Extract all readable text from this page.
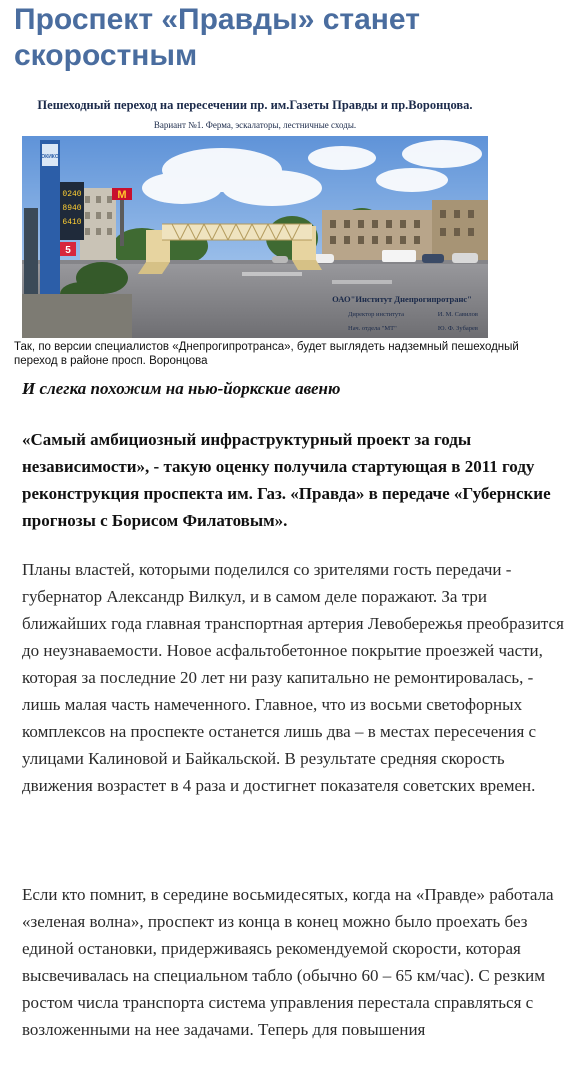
Проспект «Правды» станет скоростным
Пешеходный переход на пересечении пр. им.Газеты Правды и пр.Воронцова.
Вариант №1. Ферма, эскалаторы, лестничные сходы.
M
ОКИКО
0240
8940
6410
5
ОАО"Институт Днепрогипротранс"
Директор института	И. М. Савилов
Нач. отдела "МТ"	Ю. Ф. Зубарев

Так, по версии специалистов «Днепрогипротранса», будет выглядеть надземный пешеходный переход в районе просп. Воронцова

И слегка похожим на нью-йоркские авеню

«Самый амбициозный инфраструктурный проект за годы независимости», - такую оценку получила стартующая в 2011 году реконструкция проспекта им. Газ. «Правда» в передаче «Губернские прогнозы с Борисом Филатовым».

Планы властей, которыми поделился со зрителями гость передачи - губернатор Александр Вилкул, и в самом деле поражают. За три ближайших года главная транспортная артерия Левобережья преобразится до неузнаваемости. Новое асфальтобетонное покрытие проезжей части, которая за последние 20 лет ни разу капитально не ремонтировалась, - лишь малая часть намеченного. Главное, что из восьми светофорных комплексов на проспекте останется лишь два – в местах пересечения с улицами Калиновой и Байкальской. В результате средняя скорость движения возрастет в 4 раза и достигнет показателя советских времен.

Если кто помнит, в середине восьмидесятых, когда на «Правде» работала «зеленая волна», проспект из конца в конец можно было проехать без единой остановки, придерживаясь рекомендуемой скорости, которая высвечивалась на специальном табло (обычно 60 – 65 км/час). С резким ростом числа транспорта система управления перестала справляться с возложенными на нее задачами. Теперь для повышения
